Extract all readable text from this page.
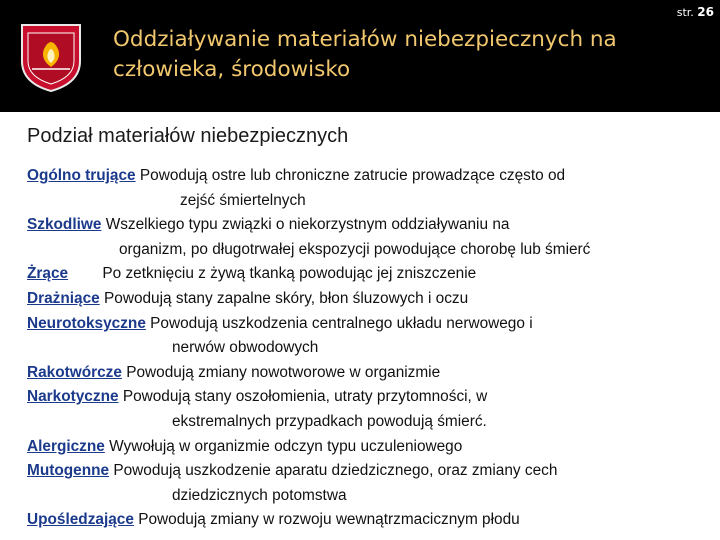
str. 26
Oddziaływanie materiałów niebezpiecznych na
człowieka, środowisko
Podział materiałów niebezpiecznych
Ogólno trujące Powodują ostre lub chroniczne zatrucie prowadzące często od
zejść śmiertelnych
Szkodliwe Wszelkiego typu związki o niekorzystnym oddziaływaniu na
organizm, po długotrwałej ekspozycji powodujące chorobę lub śmierć
Żrące Po zetknięciu z żywą tkanką powodując jej zniszczenie
Drażniące Powodują stany zapalne skóry, błon śluzowych i oczu
Neurotoksyczne Powodują uszkodzenia centralnego układu nerwowego i
nerwów obwodowych
Rakotwórcze Powodują zmiany nowotworowe w organizmie
Narkotyczne Powodują stany oszołomienia, utraty przytomności, w
ekstremalnych przypadkach powodują śmierć.
Alergiczne Wywołują w organizmie odczyn typu uczuleniowego
Mutogenne Powodują uszkodzenie aparatu dziedzicznego, oraz zmiany cech
dziedzicznych potomstwa
Upośledzające Powodują zmiany w rozwoju wewnątrzmacicznym płodu
